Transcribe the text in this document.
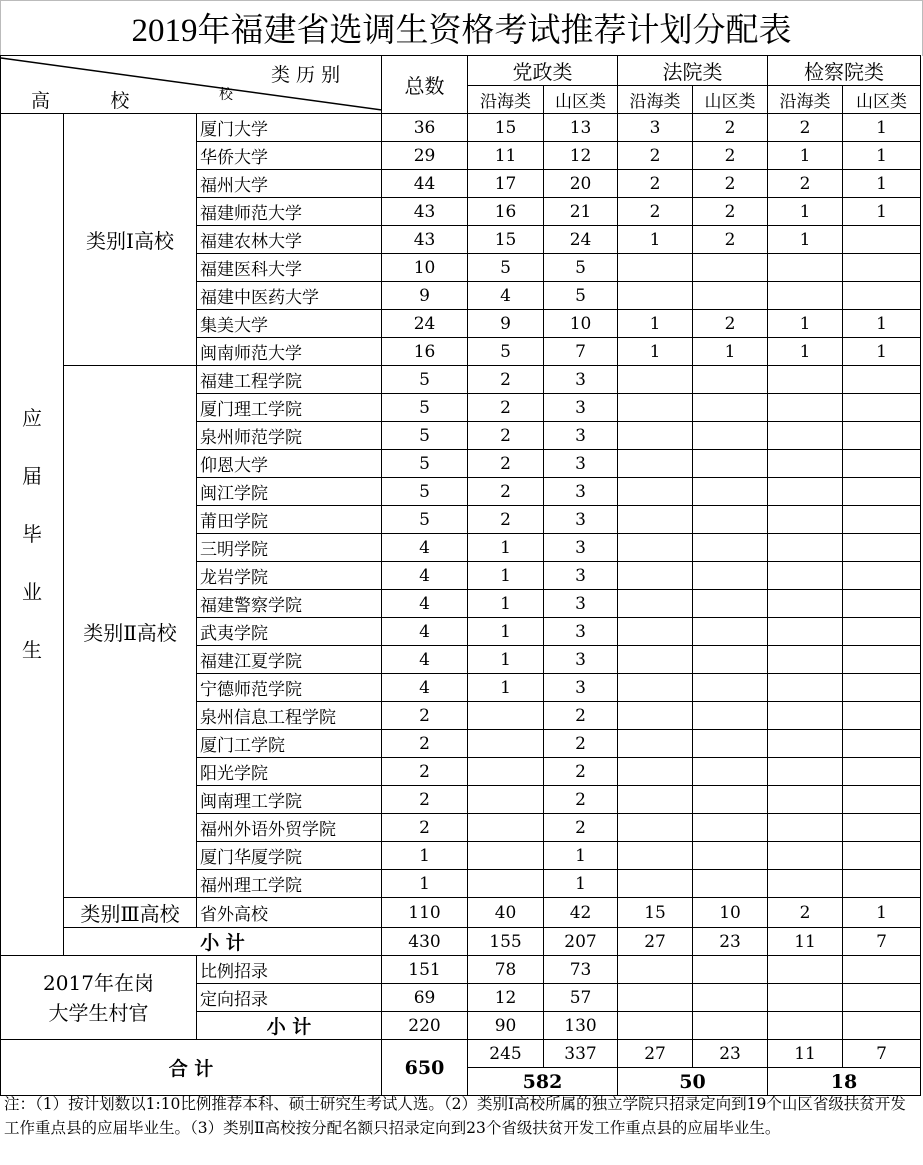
2019年福建省选调生资格考试推荐计划分配表
类 历 别
高          校 校			总数	党政类		法院类		检察院类	
				沿海类	山区类	沿海类	山区类	沿海类	山区类
应

届

毕

业

生	类别Ⅰ高校	厦门大学	36	15	13	3	2	2	1
		华侨大学	29	11	12	2	2	1	1
		福州大学	44	17	20	2	2	2	1
		福建师范大学	43	16	21	2	2	1	1
		福建农林大学	43	15	24	1	2	1	
		福建医科大学	10	5	5				
		福建中医药大学	9	4	5				
		集美大学	24	9	10	1	2	1	1
		闽南师范大学	16	5	7	1	1	1	1
	类别Ⅱ高校	福建工程学院	5	2	3				
		厦门理工学院	5	2	3				
		泉州师范学院	5	2	3				
		仰恩大学	5	2	3				
		闽江学院	5	2	3				
		莆田学院	5	2	3				
		三明学院	4	1	3				
		龙岩学院	4	1	3				
		福建警察学院	4	1	3				
		武夷学院	4	1	3				
		福建江夏学院	4	1	3				
		宁德师范学院	4	1	3				
		泉州信息工程学院	2		2				
		厦门工学院	2		2				
		阳光学院	2		2				
		闽南理工学院	2		2				
		福州外语外贸学院	2		2				
		厦门华厦学院	1		1				
		福州理工学院	1		1				
	类别Ⅲ高校	省外高校	110	40	42	15	10	2	1
	小 计		430	155	207	27	23	11	7
2017年在岗
大学生村官		比例招录	151	78	73				
		定向招录	69	12	57				
		小 计	220	90	130				
合 计			650	245	337	27	23	11	7
				582		50		18	
注：（1）按计划数以1:10比例推荐本科、硕士研究生考试人选。（2）类别Ⅰ高校所属的独立学院只招录定向到19个山区省级扶贫开发工作重点县的应届毕业生。（3）类别Ⅱ高校按分配名额只招录定向到23个省级扶贫开发工作重点县的应届毕业生。
